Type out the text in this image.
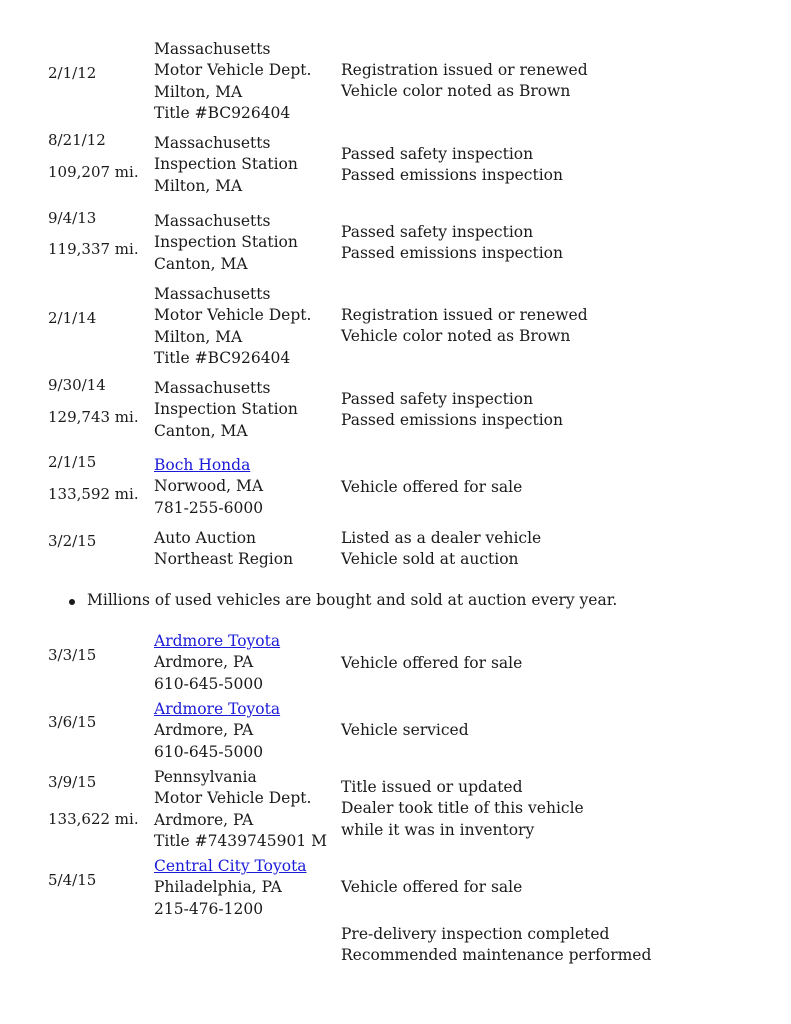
2/1/12
Massachusetts
Motor Vehicle Dept.
Milton, MA
Title #BC926404
Registration issued or renewed
Vehicle color noted as Brown
8/21/12
109,207 mi.
Massachusetts
Inspection Station
Milton, MA
Passed safety inspection
Passed emissions inspection
9/4/13
119,337 mi.
Massachusetts
Inspection Station
Canton, MA
Passed safety inspection
Passed emissions inspection
2/1/14
Massachusetts
Motor Vehicle Dept.
Milton, MA
Title #BC926404
Registration issued or renewed
Vehicle color noted as Brown
9/30/14
129,743 mi.
Massachusetts
Inspection Station
Canton, MA
Passed safety inspection
Passed emissions inspection
2/1/15
133,592 mi.
Boch Honda
Norwood, MA
781-255-6000
Vehicle offered for sale
3/2/15	Auto Auction
Northeast Region
Listed as a dealer vehicle
Vehicle sold at auction
Millions of used vehicles are bought and sold at auction every year.
3/3/15
Ardmore Toyota
Ardmore, PA
610-645-5000
Vehicle offered for sale
3/6/15
Ardmore Toyota
Ardmore, PA
610-645-5000
Vehicle serviced
3/9/15
133,622 mi.
Pennsylvania
Motor Vehicle Dept.
Ardmore, PA
Title #7439745901 M
Title issued or updated
Dealer took title of this vehicle
while it was in inventory
5/4/15
Central City Toyota
Philadelphia, PA
215-476-1200
Vehicle offered for sale
Pre-delivery inspection completed
Recommended maintenance performed
